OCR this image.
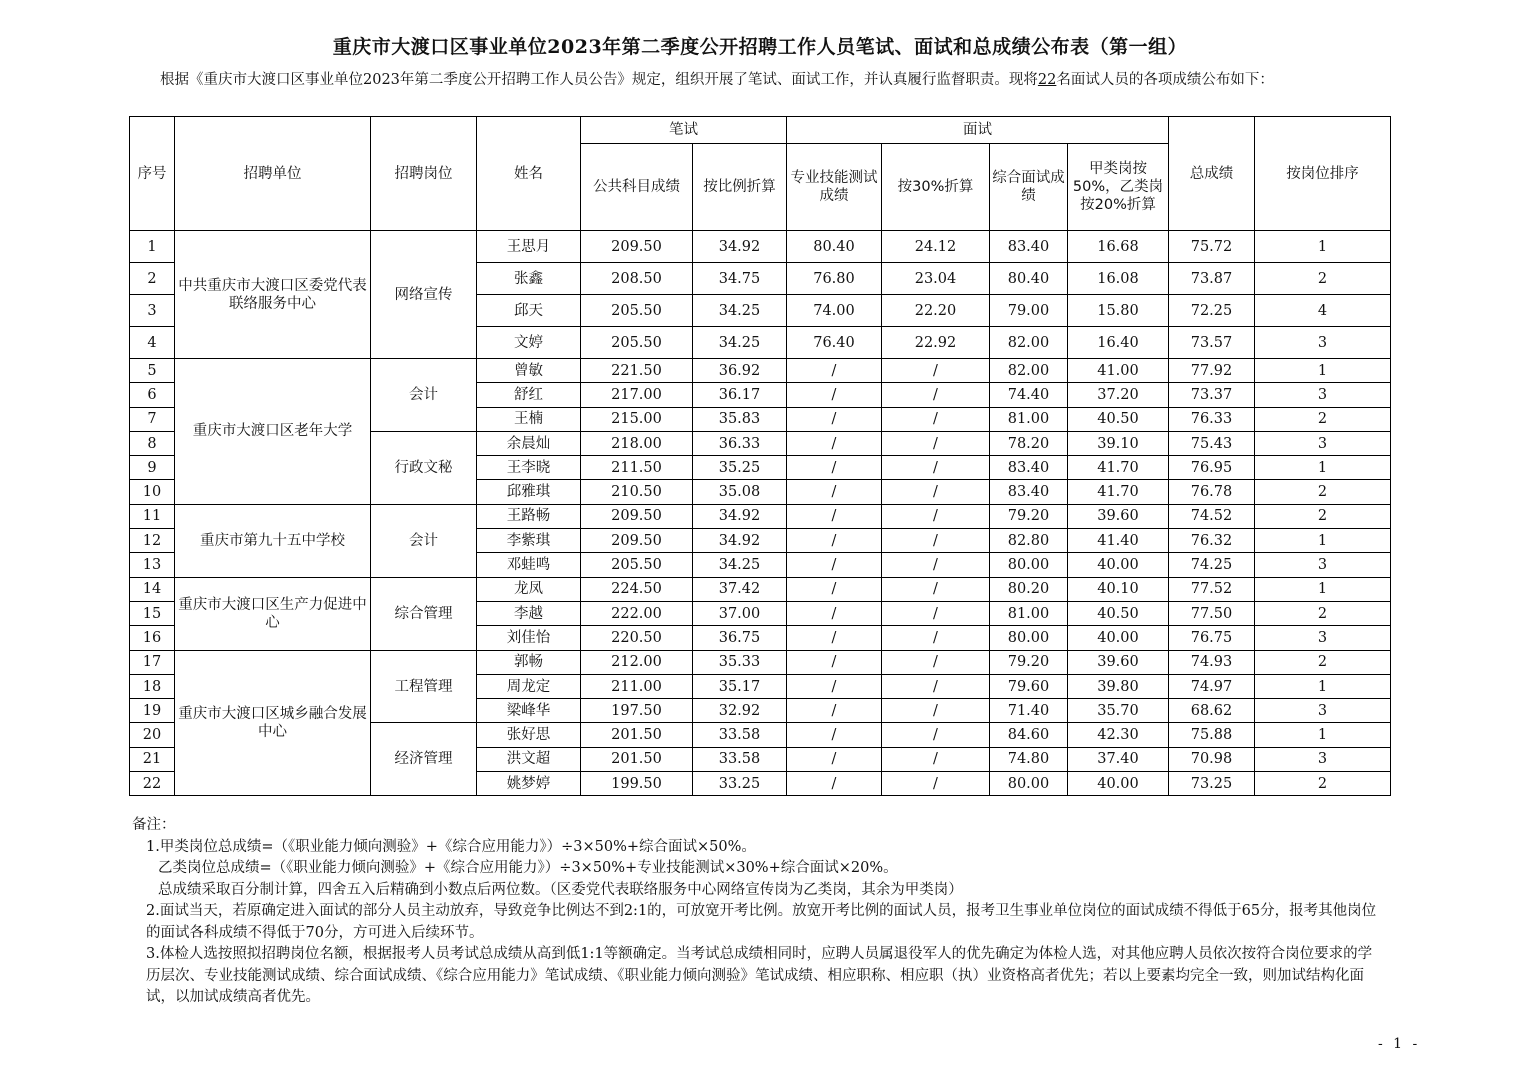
重庆市大渡口区事业单位2023年第二季度公开招聘工作人员笔试、面试和总成绩公布表（第一组）
根据《重庆市大渡口区事业单位2023年第二季度公开招聘工作人员公告》规定，组织开展了笔试、面试工作，并认真履行监督职责。现将22名面试人员的各项成绩公布如下：
序号	招聘单位	招聘岗位	姓名	笔试		面试				总成绩	按岗位排序
				公共科目成绩	按比例折算	专业技能测试成绩	按30%折算	综合面试成绩	甲类岗按50%，乙类岗按20%折算		
1	中共重庆市大渡口区委党代表联络服务中心	网络宣传	王思月	209.50	34.92	80.40	24.12	83.40	16.68	75.72	1
2			张鑫	208.50	34.75	76.80	23.04	80.40	16.08	73.87	2
3			邱天	205.50	34.25	74.00	22.20	79.00	15.80	72.25	4
4			文婷	205.50	34.25	76.40	22.92	82.00	16.40	73.57	3
5	重庆市大渡口区老年大学	会计	曾敏	221.50	36.92	/	/	82.00	41.00	77.92	1
6			舒红	217.00	36.17	/	/	74.40	37.20	73.37	3
7			王楠	215.00	35.83	/	/	81.00	40.50	76.33	2
8		行政文秘	余晨灿	218.00	36.33	/	/	78.20	39.10	75.43	3
9			王李晓	211.50	35.25	/	/	83.40	41.70	76.95	1
10			邱雅琪	210.50	35.08	/	/	83.40	41.70	76.78	2
11	重庆市第九十五中学校	会计	王路畅	209.50	34.92	/	/	79.20	39.60	74.52	2
12			李紫琪	209.50	34.92	/	/	82.80	41.40	76.32	1
13			邓蛙鸣	205.50	34.25	/	/	80.00	40.00	74.25	3
14	重庆市大渡口区生产力促进中心	综合管理	龙凤	224.50	37.42	/	/	80.20	40.10	77.52	1
15			李越	222.00	37.00	/	/	81.00	40.50	77.50	2
16			刘佳怡	220.50	36.75	/	/	80.00	40.00	76.75	3
17	重庆市大渡口区城乡融合发展中心	工程管理	郭畅	212.00	35.33	/	/	79.20	39.60	74.93	2
18			周龙定	211.00	35.17	/	/	79.60	39.80	74.97	1
19			梁峰华	197.50	32.92	/	/	71.40	35.70	68.62	3
20		经济管理	张好思	201.50	33.58	/	/	84.60	42.30	75.88	1
21			洪文超	201.50	33.58	/	/	74.80	37.40	70.98	3
22			姚梦婷	199.50	33.25	/	/	80.00	40.00	73.25	2

备注：

1.甲类岗位总成绩=（《职业能力倾向测验》+《综合应用能力》）÷3×50%+综合面试×50%。

乙类岗位总成绩=（《职业能力倾向测验》+《综合应用能力》）÷3×50%+专业技能测试×30%+综合面试×20%。

总成绩采取百分制计算，四舍五入后精确到小数点后两位数。（区委党代表联络服务中心网络宣传岗为乙类岗，其余为甲类岗）

2.面试当天，若原确定进入面试的部分人员主动放弃，导致竞争比例达不到2:1的，可放宽开考比例。放宽开考比例的面试人员，报考卫生事业单位岗位的面试成绩不得低于65分，报考其他岗位的面试各科成绩不得低于70分，方可进入后续环节。

3.体检人选按照拟招聘岗位名额，根据报考人员考试总成绩从高到低1:1等额确定。当考试总成绩相同时，应聘人员属退役军人的优先确定为体检人选，对其他应聘人员依次按符合岗位要求的学历层次、专业技能测试成绩、综合面试成绩、《综合应用能力》笔试成绩、《职业能力倾向测验》笔试成绩、相应职称、相应职（执）业资格高者优先；若以上要素均完全一致，则加试结构化面试，以加试成绩高者优先。

- 1 -
